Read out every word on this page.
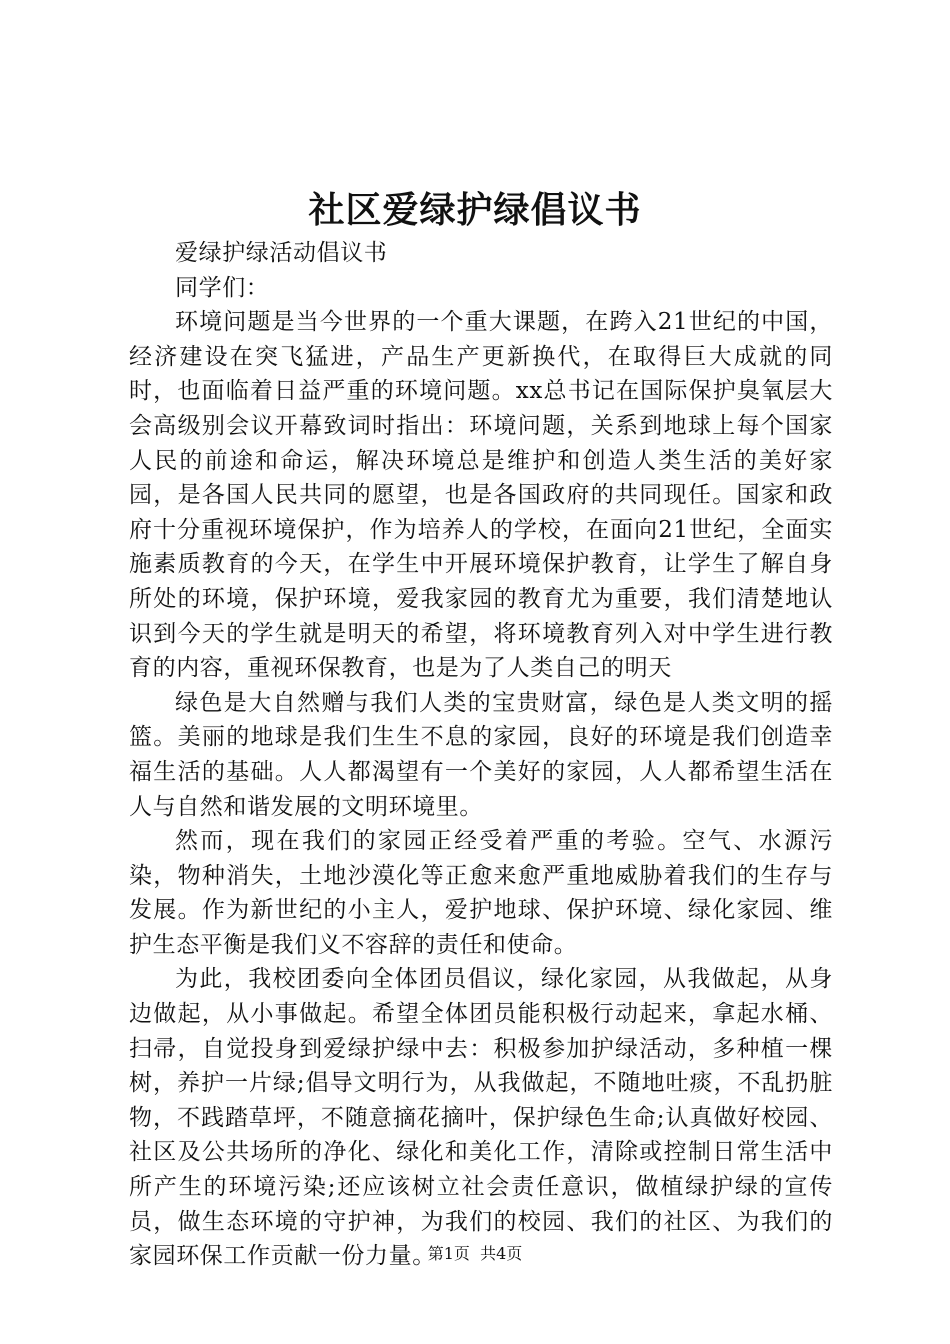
社区爱绿护绿倡议书

爱绿护绿活动倡议书

同学们：

环境问题是当今世界的一个重大课题，在跨入21世纪的中国，经济建设在突飞猛进，产品生产更新换代，在取得巨大成就的同时，也面临着日益严重的环境问题。xx总书记在国际保护臭氧层大会高级别会议开幕致词时指出：环境问题，关系到地球上每个国家人民的前途和命运，解决环境总是维护和创造人类生活的美好家园，是各国人民共同的愿望，也是各国政府的共同现任。国家和政府十分重视环境保护，作为培养人的学校，在面向21世纪，全面实施素质教育的今天，在学生中开展环境保护教育，让学生了解自身所处的环境，保护环境，爱我家园的教育尤为重要，我们清楚地认识到今天的学生就是明天的希望，将环境教育列入对中学生进行教育的内容，重视环保教育，也是为了人类自己的明天

绿色是大自然赠与我们人类的宝贵财富，绿色是人类文明的摇篮。美丽的地球是我们生生不息的家园，良好的环境是我们创造幸福生活的基础。人人都渴望有一个美好的家园，人人都希望生活在人与自然和谐发展的文明环境里。

然而，现在我们的家园正经受着严重的考验。空气、水源污染，物种消失，土地沙漠化等正愈来愈严重地威胁着我们的生存与发展。作为新世纪的小主人，爱护地球、保护环境、绿化家园、维护生态平衡是我们义不容辞的责任和使命。

为此，我校团委向全体团员倡议，绿化家园，从我做起，从身边做起，从小事做起。希望全体团员能积极行动起来，拿起水桶、扫帚，自觉投身到爱绿护绿中去：积极参加护绿活动，多种植一棵树，养护一片绿;倡导文明行为，从我做起，不随地吐痰，不乱扔脏物，不践踏草坪，不随意摘花摘叶，保护绿色生命;认真做好校园、社区及公共场所的净化、绿化和美化工作，清除或控制日常生活中所产生的环境污染;还应该树立社会责任意识，做植绿护绿的宣传员，做生态环境的守护神，为我们的校园、我们的社区、为我们的家园环保工作贡献一份力量。

第1页 共4页
